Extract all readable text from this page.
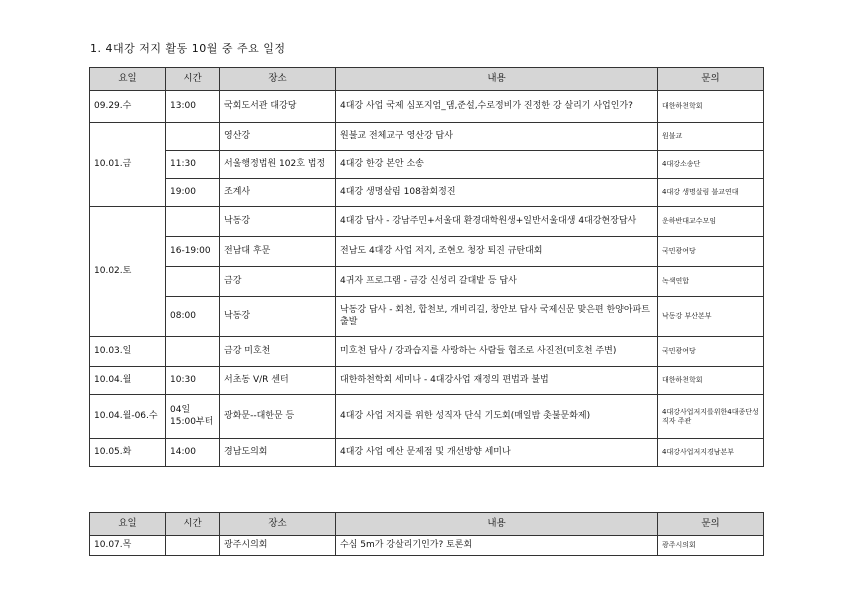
1. 4대강 저지 활동 10월 중 주요 일정
요일	시간	장소	내용	문의
09.29.수	13:00	국회도서관 대강당	4대강 사업 국제 심포지엄_댐,준설,수로정비가 진정한 강 살리기 사업인가?	대한하천학회
10.01.금		영산강	원불교 전체교구 영산강 답사	원불교
	11:30	서울행정법원 102호 법정	4대강 한강 본안 소송	4대강소송단
	19:00	조계사	4대강 생명살림 108참회정진	4대강 생명살림 불교연대
10.02.토		낙동강	4대강 답사 - 강남주민+서울대 환경대학원생+일반서울대생 4대강현장답사	운하반대교수모임
	16-19:00	전남대 후문	전남도 4대강 사업 저지, 조현오 청장 퇴진 규탄대회	국민광여당
		금강	4귀자 프로그램 - 금강 신성리 갈대밭 등 답사	녹색연합
	08:00	낙동강	낙동강 답사 - 회천, 합천보, 개비리길, 창안보 답사 국제신문 맞은편 한양아파트 출발	낙동강 부산본부
10.03.일		금강 미호천	미호천 답사 / 강과습지를 사랑하는 사람들 협조로 사진전(미호천 주변)	국민광여당
10.04.월	10:30	서초동 V/R 센터	대한하천학회 세미나 - 4대강사업 재정의 편법과 불법	대한하천학회
10.04.월-06.수	04일 15:00부터	광화문--대한문 등	4대강 사업 저지를 위한 성직자 단식 기도회(매일밤 촛불문화제)	4대강사업저지를위한4대종단성직자 주관
10.05.화	14:00	경남도의회	4대강 사업 예산 문제점 및 개선방향 세미나	4대강사업저지경남본부
요일	시간	장소	내용	문의
10.07.목		광주시의회	수심 5m가 강살리기인가? 토론회	광주시의회
